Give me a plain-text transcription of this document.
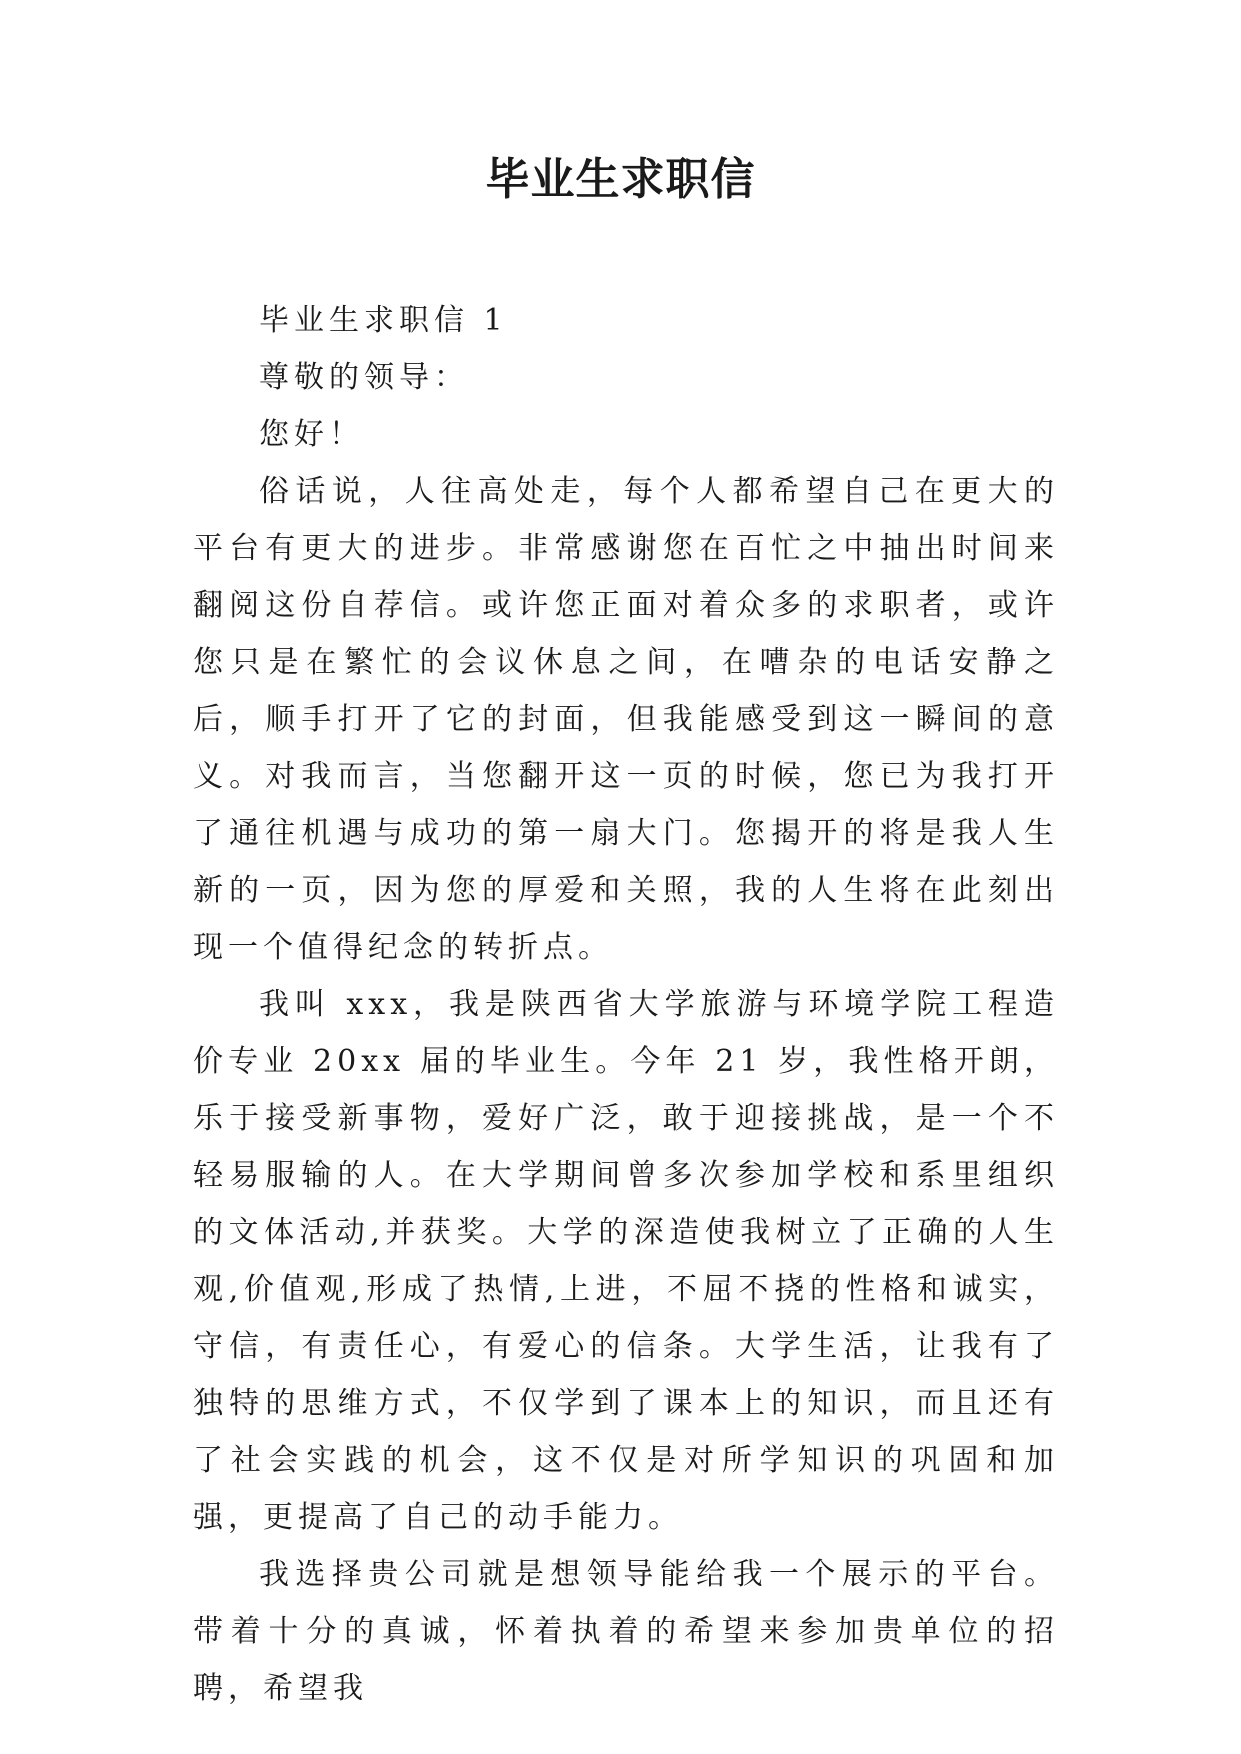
毕业生求职信

毕业生求职信 1

尊敬的领导：

您好！

俗话说，人往高处走，每个人都希望自己在更大的平台有更大的进步。非常感谢您在百忙之中抽出时间来翻阅这份自荐信。或许您正面对着众多的求职者，或许您只是在繁忙的会议休息之间，在嘈杂的电话安静之后，顺手打开了它的封面，但我能感受到这一瞬间的意义。对我而言，当您翻开这一页的时候，您已为我打开了通往机遇与成功的第一扇大门。您揭开的将是我人生新的一页，因为您的厚爱和关照，我的人生将在此刻出现一个值得纪念的转折点。

我叫 xxx，我是陕西省大学旅游与环境学院工程造价专业 20xx 届的毕业生。今年 21 岁，我性格开朗，乐于接受新事物，爱好广泛，敢于迎接挑战，是一个不轻易服输的人。在大学期间曾多次参加学校和系里组织的文体活动,并获奖。大学的深造使我树立了正确的人生观,价值观,形成了热情,上进，不屈不挠的性格和诚实，守信，有责任心，有爱心的信条。大学生活，让我有了独特的思维方式，不仅学到了课本上的知识，而且还有了社会实践的机会，这不仅是对所学知识的巩固和加强，更提高了自己的动手能力。

我选择贵公司就是想领导能给我一个展示的平台。带着十分的真诚，怀着执着的希望来参加贵单位的招聘，希望我
